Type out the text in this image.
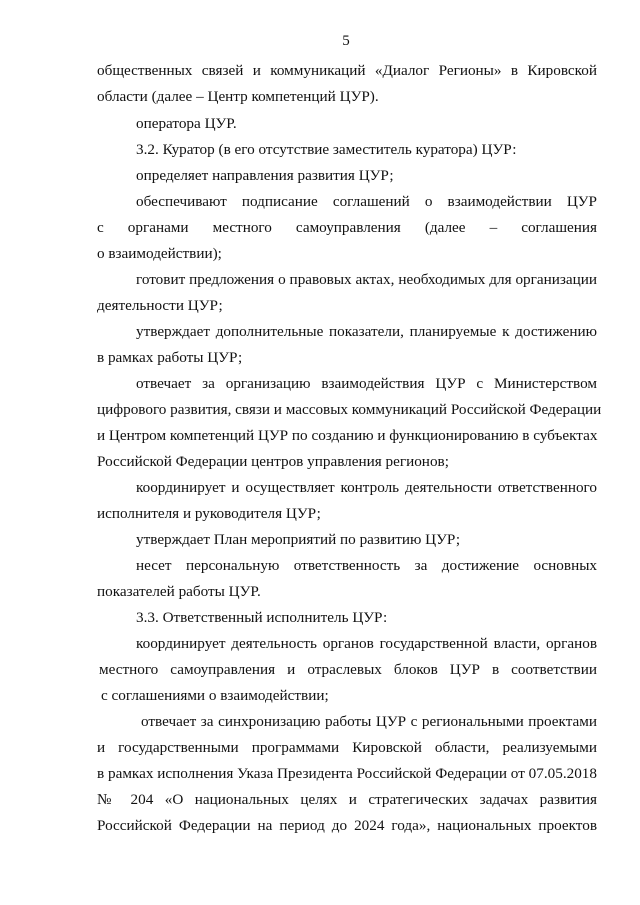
5
общественных связей и коммуникаций «Диалог Регионы» в Кировской
области (далее – Центр компетенций ЦУР).
оператора ЦУР.
3.2. Куратор (в его отсутствие заместитель куратора) ЦУР:
определяет направления развития ЦУР;
обеспечивают подписание соглашений о взаимодействии ЦУР
с органами местного самоуправления (далее – соглашения
о взаимодействии);
готовит предложения о правовых актах, необходимых для организации
деятельности ЦУР;
утверждает дополнительные показатели, планируемые к достижению
в рамках работы ЦУР;
отвечает за организацию взаимодействия ЦУР с Министерством
цифрового развития, связи и массовых коммуникаций Российской Федерации
и Центром компетенций ЦУР по созданию и функционированию в субъектах
Российской Федерации центров управления регионов;
координирует и осуществляет контроль деятельности ответственного
исполнителя и руководителя ЦУР;
утверждает План мероприятий по развитию ЦУР;
несет персональную ответственность за достижение основных
показателей работы ЦУР.
3.3. Ответственный исполнитель ЦУР:
координирует деятельность органов государственной власти, органов
местного самоуправления и отраслевых блоков ЦУР в соответствии
с соглашениями о взаимодействии;
отвечает за синхронизацию работы ЦУР с региональными проектами
и государственными программами Кировской области, реализуемыми
в рамках исполнения Указа Президента Российской Федерации от 07.05.2018
№ 204 «О национальных целях и стратегических задачах развития
Российской Федерации на период до 2024 года», национальных проектов
